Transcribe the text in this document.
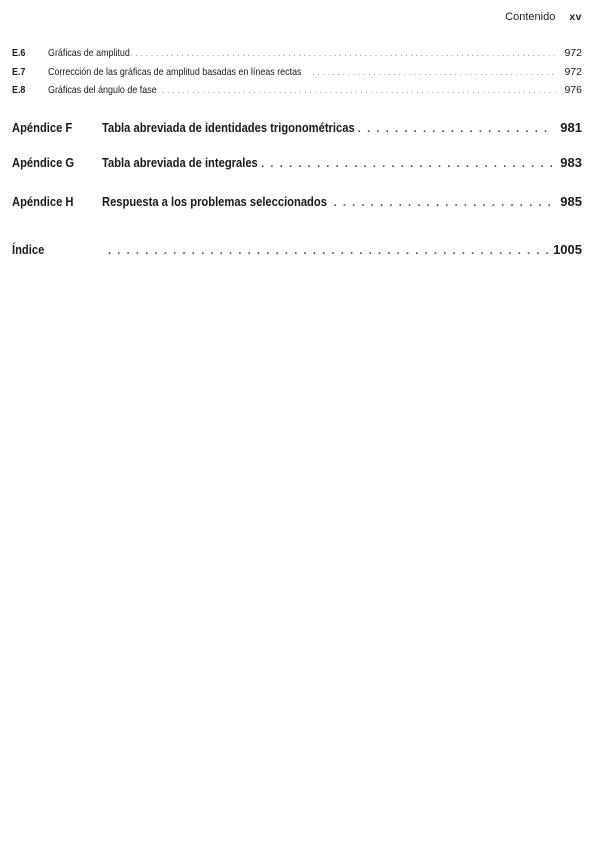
Contenido xv
E.6	Gráficas de amplitud . . .	972
E.7	Corrección de las gráficas de amplitud basadas en líneas rectas . . .	972
E.8	Gráficas del ángulo de fase . . .	976
Apéndice F	Tabla abreviada de identidades trigonométricas . . .	981
Apéndice G	Tabla abreviada de integrales . . .	983
Apéndice H	Respuesta a los problemas seleccionados . . .	985
Índice . . .	1005
